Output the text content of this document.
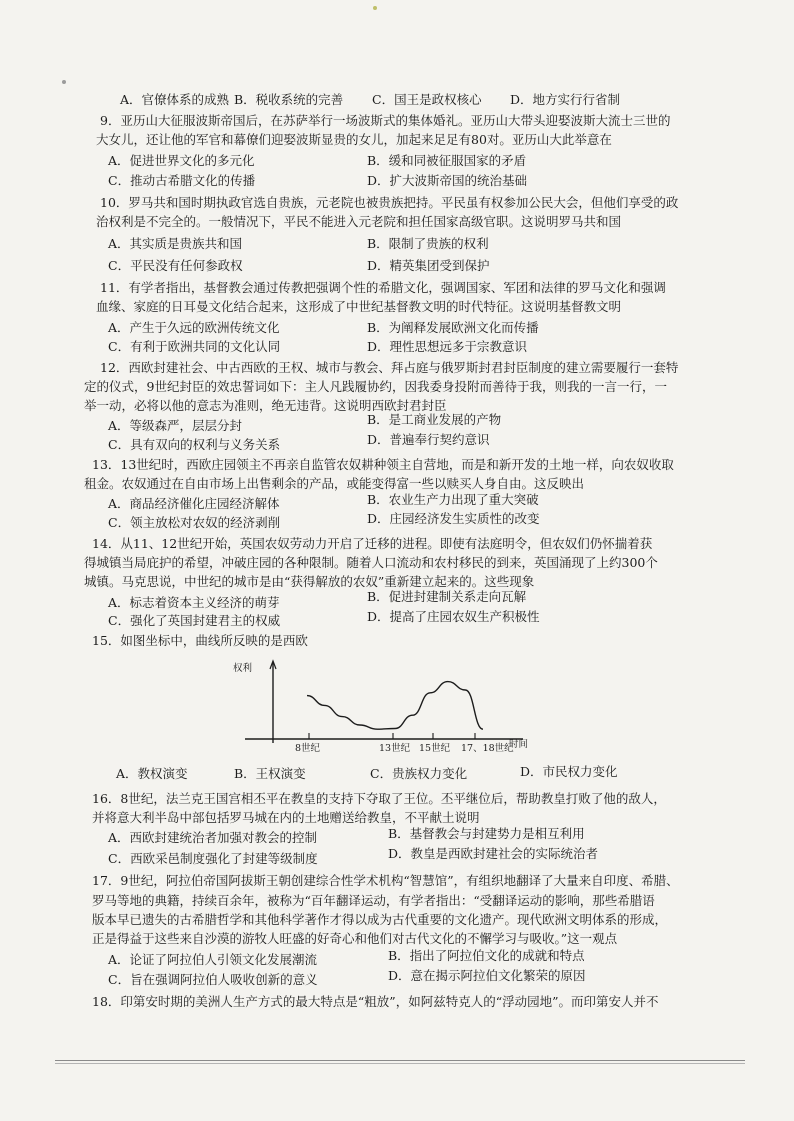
A．官僚体系的成熟 B．税收系统的完善 C．国王是政权核心 D．地方实行行省制
9．亚历山大征服波斯帝国后，在苏萨举行一场波斯式的集体婚礼。亚历山大带头迎娶波斯大流士三世的
大女儿，还让他的军官和幕僚们迎娶波斯显贵的女儿，加起来足足有80对。亚历山大此举意在
A．促进世界文化的多元化	B．缓和同被征服国家的矛盾
C．推动古希腊文化的传播	D．扩大波斯帝国的统治基础
10．罗马共和国时期执政官选自贵族，元老院也被贵族把持。平民虽有权参加公民大会，但他们享受的政
治权利是不完全的。一般情况下，平民不能进入元老院和担任国家高级官职。这说明罗马共和国
A．其实质是贵族共和国	B．限制了贵族的权利
C．平民没有任何参政权	D．精英集团受到保护
11．有学者指出，基督教会通过传教把强调个性的希腊文化，强调国家、军团和法律的罗马文化和强调
血缘、家庭的日耳曼文化结合起来，这形成了中世纪基督教文明的时代特征。这说明基督教文明
A．产生于久远的欧洲传统文化	B．为阐释发展欧洲文化而传播
C．有利于欧洲共同的文化认同	D．理性思想远多于宗教意识
12．西欧封建社会、中古西欧的王权、城市与教会、拜占庭与俄罗斯封君封臣制度的建立需要履行一套特
定的仪式，9世纪封臣的效忠誓词如下：主人凡践履协约，因我委身投附而善待于我，则我的一言一行，一
举一动，必将以他的意志为准则，绝无违背。这说明西欧封君封臣
A．等级森严，层层分封	B．是工商业发展的产物
C．具有双向的权利与义务关系	D．普遍奉行契约意识
13．13世纪时，西欧庄园领主不再亲自监管农奴耕种领主自营地，而是和新开发的土地一样，向农奴收取
租金。农奴通过在自由市场上出售剩余的产品，或能变得富一些以赎买人身自由。这反映出
A．商品经济催化庄园经济解体	B．农业生产力出现了重大突破
C．领主放松对农奴的经济剥削	D．庄园经济发生实质性的改变
14．从11、12世纪开始，英国农奴劳动力开启了迁移的进程。即使有法庭明令，但农奴们仍怀揣着获
得城镇当局庇护的希望，冲破庄园的各种限制。随着人口流动和农村移民的到来，英国涌现了上约300个
城镇。马克思说，中世纪的城市是由“获得解放的农奴”重新建立起来的。这些现象
A．标志着资本主义经济的萌芽	B．促进封建制关系走向瓦解
C．强化了英国封建君主的权威	D．提高了庄园农奴生产积极性
15．如图坐标中，曲线所反映的是西欧
权利
时间
8世纪	13世纪 15世纪 17、18世纪
A．教权演变	B．王权演变	C．贵族权力变化	D．市民权力变化
16．8世纪，法兰克王国宫相丕平在教皇的支持下夺取了王位。丕平继位后，帮助教皇打败了他的敌人，
并将意大利半岛中部包括罗马城在内的土地赠送给教皇，不平献土说明
A．西欧封建统治者加强对教会的控制	B．基督教会与封建势力是相互利用
C．西欧采邑制度强化了封建等级制度	D．教皇是西欧封建社会的实际统治者
17．9世纪，阿拉伯帝国阿拔斯王朝创建综合性学术机构“智慧馆”，有组织地翻译了大量来自印度、希腊、
罗马等地的典籍，持续百余年，被称为“百年翻译运动，有学者指出：“受翻译运动的影响，那些希腊语
版本早已遗失的古希腊哲学和其他科学著作才得以成为古代重要的文化遗产。现代欧洲文明体系的形成，
正是得益于这些来自沙漠的游牧人旺盛的好奇心和他们对古代文化的不懈学习与吸收。”这一观点
A．论证了阿拉伯人引领文化发展潮流	B．指出了阿拉伯文化的成就和特点
C．旨在强调阿拉伯人吸收创新的意义	D．意在揭示阿拉伯文化繁荣的原因
18．印第安时期的美洲人生产方式的最大特点是“粗放”，如阿兹特克人的“浮动园地”。而印第安人并不
